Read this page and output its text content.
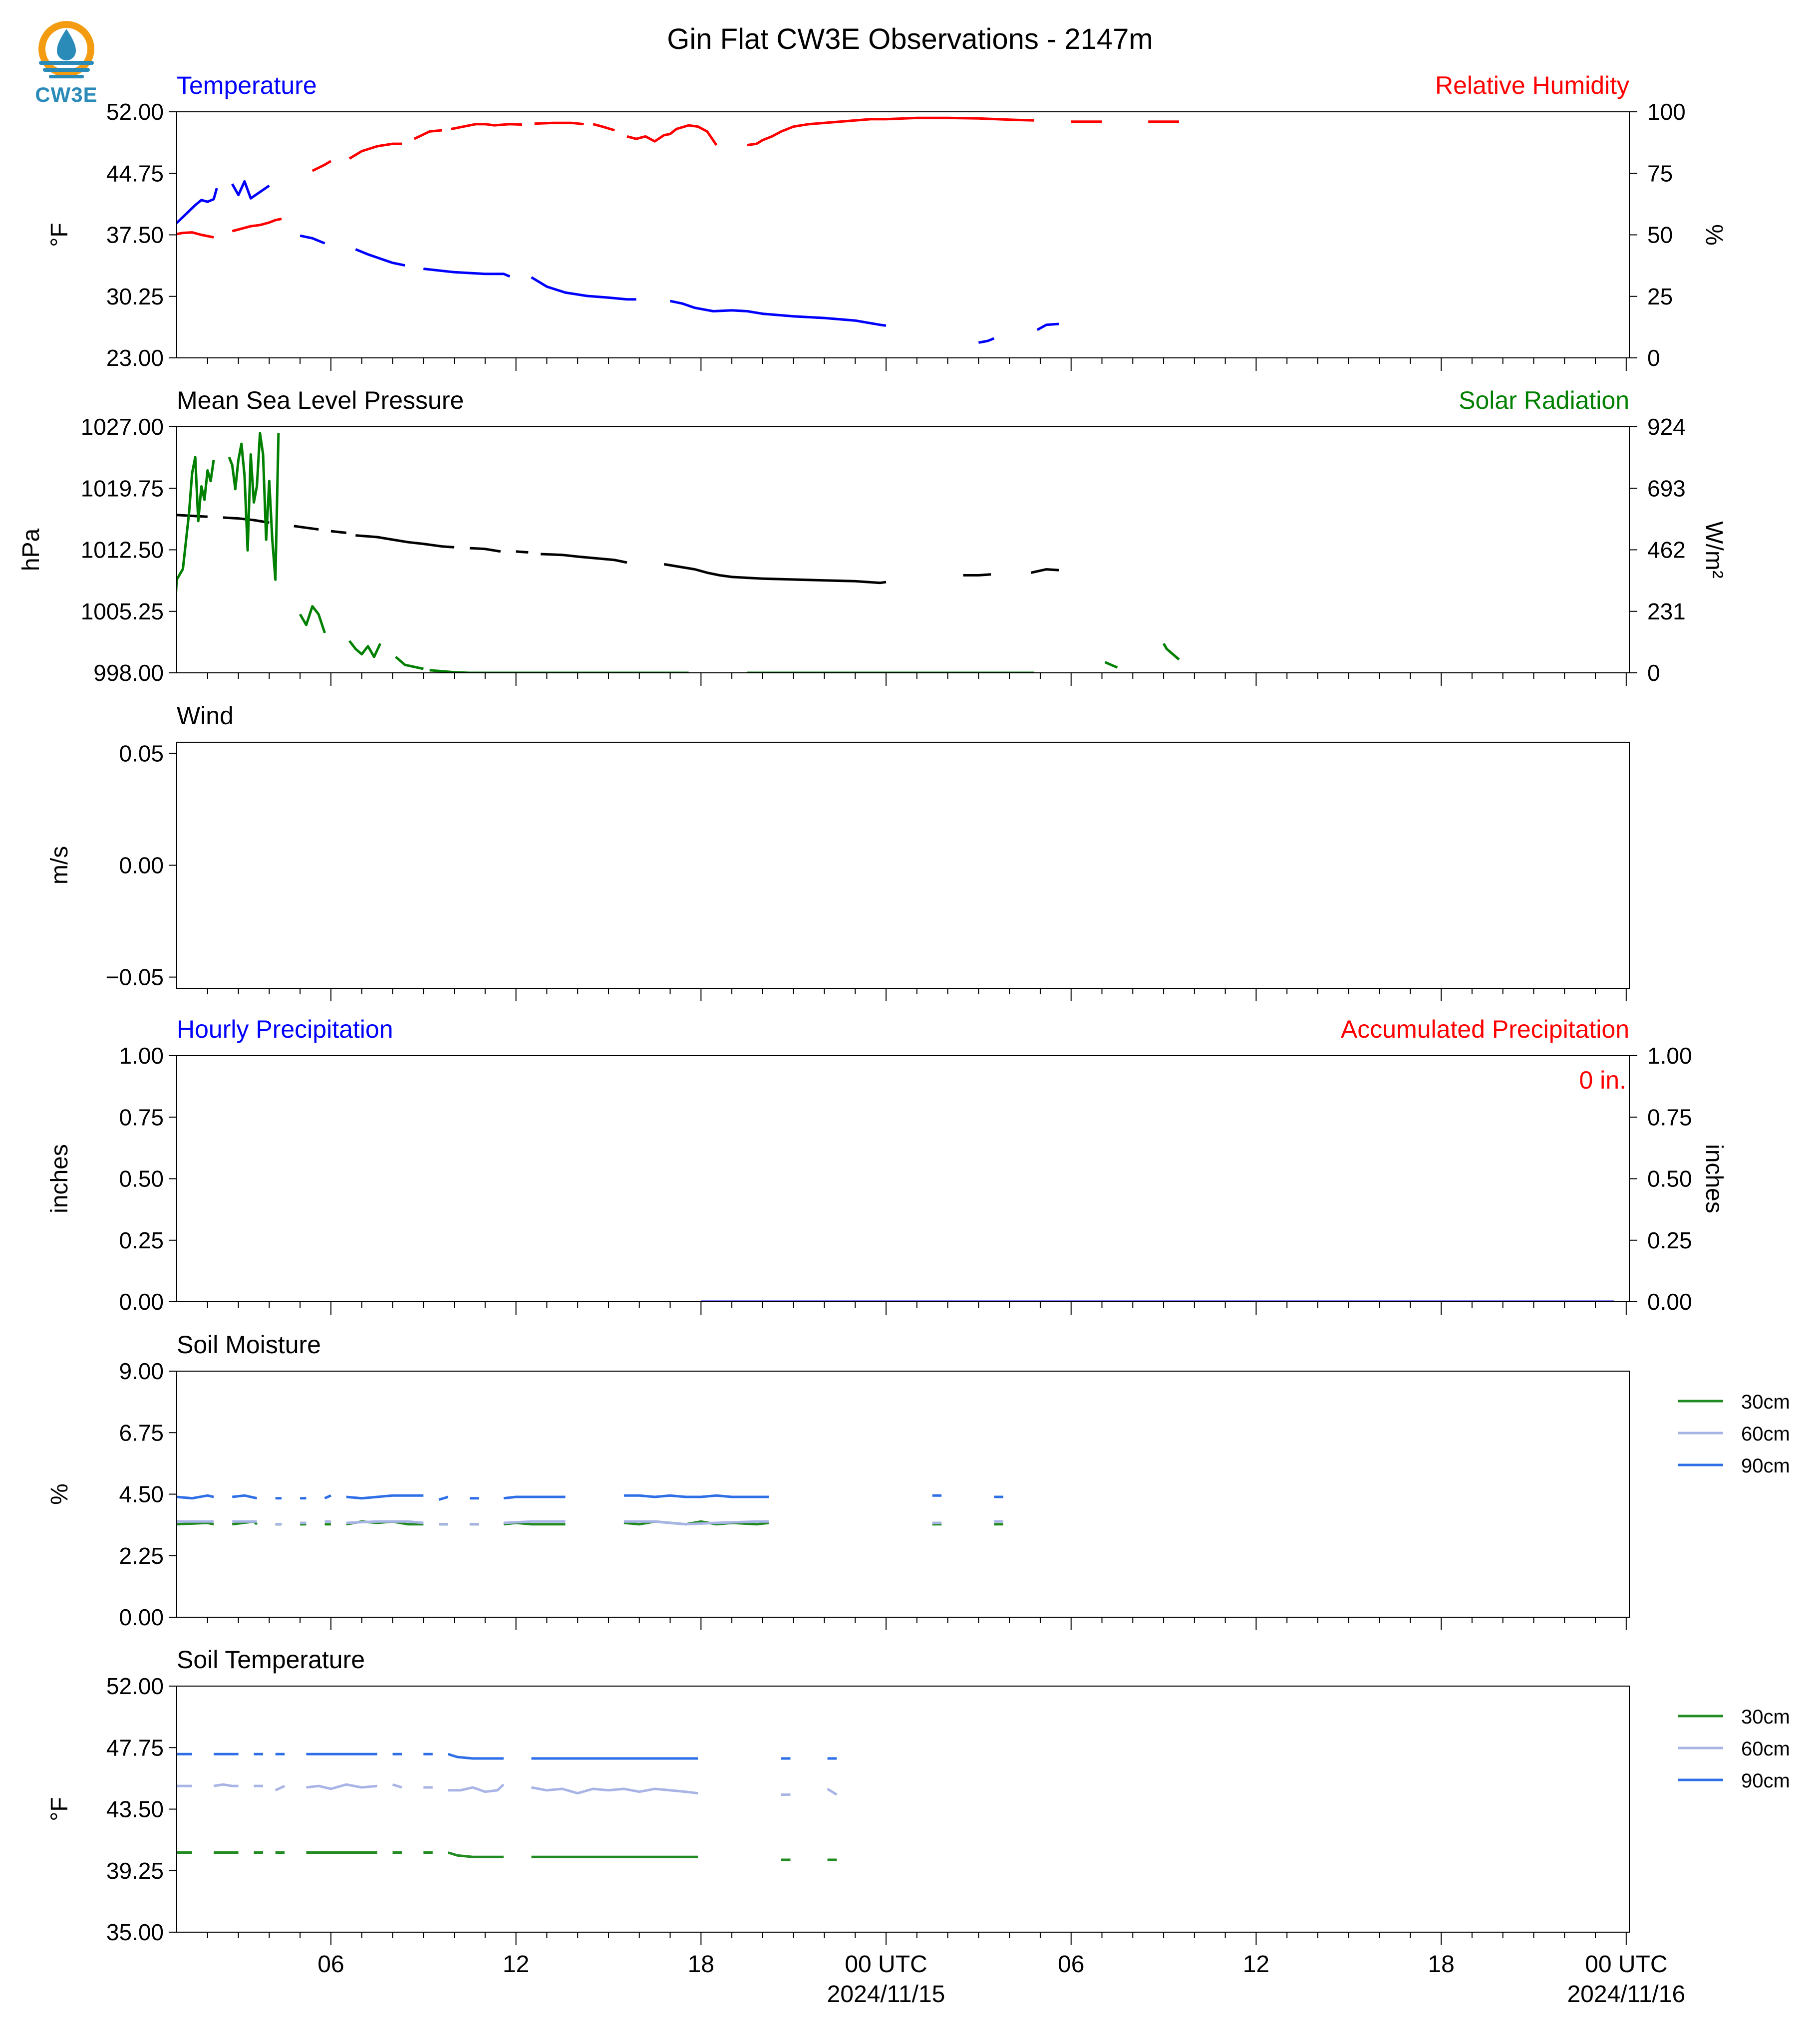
Gin Flat CW3E Observations - 2147m
23.00
30.25
37.50
44.75
52.00
0
25
50
75
100
Temperature	Relative Humidity
°F	%
998.00
1005.25
1012.50
1019.75
1027.00
0
231
462
693
924
Mean Sea Level Pressure	Solar Radiation
hPa	W/m²
−0.05
0.00
0.05
Wind
m/s
0.00
0.25
0.50
0.75
1.00
0.00
0.25
0.50
0.75
1.00
Hourly Precipitation	Accumulated Precipitation
inches	inches
0 in.
0.00
2.25
4.50
6.75
9.00
Soil Moisture
%
30cm
60cm
90cm
35.00
39.25
43.50
47.75
52.00
Soil Temperature
°F
30cm
60cm
90cm
06	12	18	00 UTC
2024/11/15
06	12	18	00 UTC
2024/11/16
CW3E
